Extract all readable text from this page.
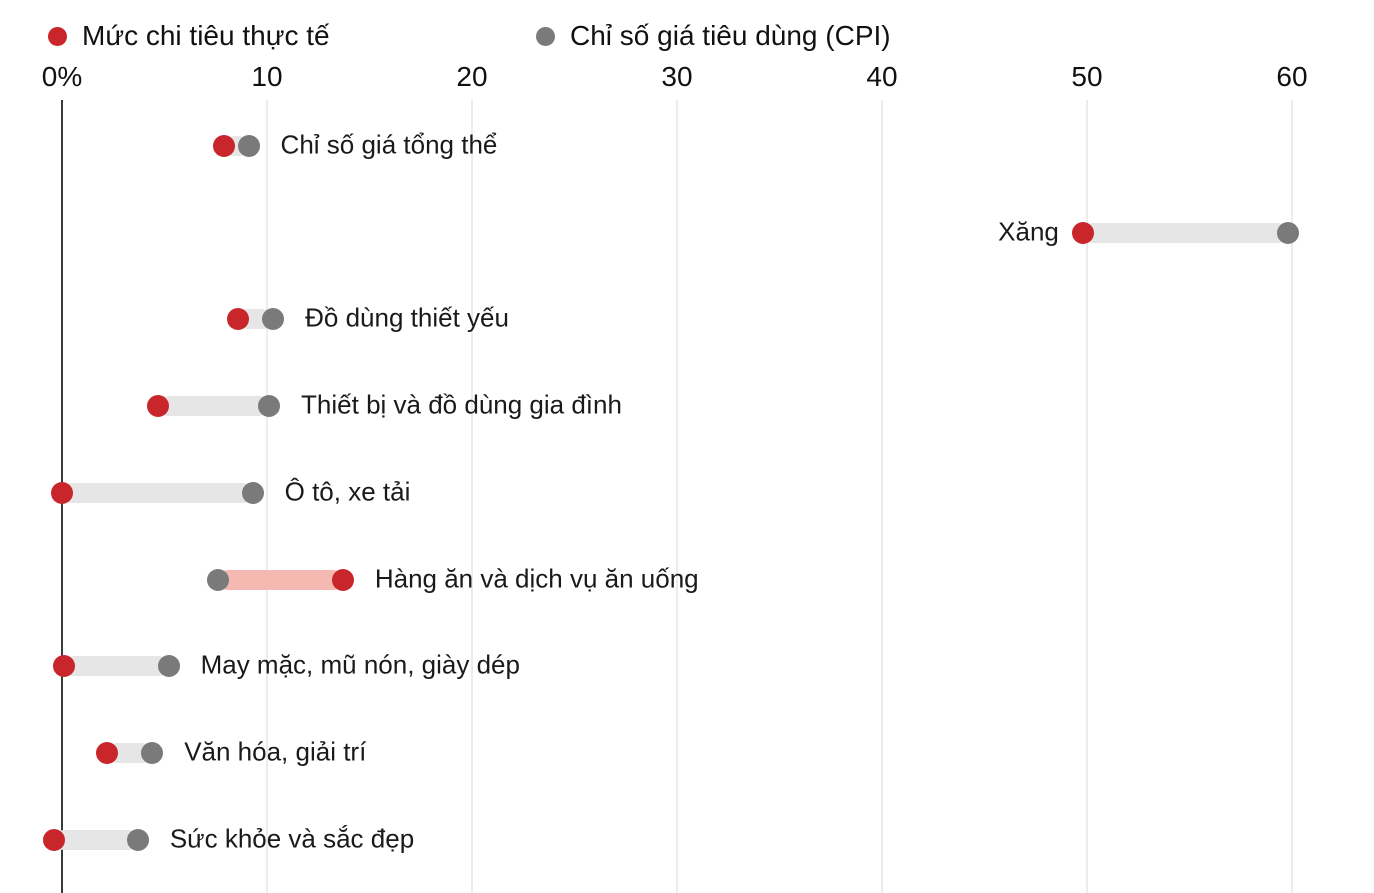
Mức chi tiêu thực tế	Chỉ số giá tiêu dùng (CPI)
0%	10	20	30	40	50	60
Chỉ số giá tổng thể
Xăng
Đồ dùng thiết yếu
Thiết bị và đồ dùng gia đình
Ô tô, xe tải
Hàng ăn và dịch vụ ăn uống
May mặc, mũ nón, giày dép
Văn hóa, giải trí
Sức khỏe và sắc đẹp
